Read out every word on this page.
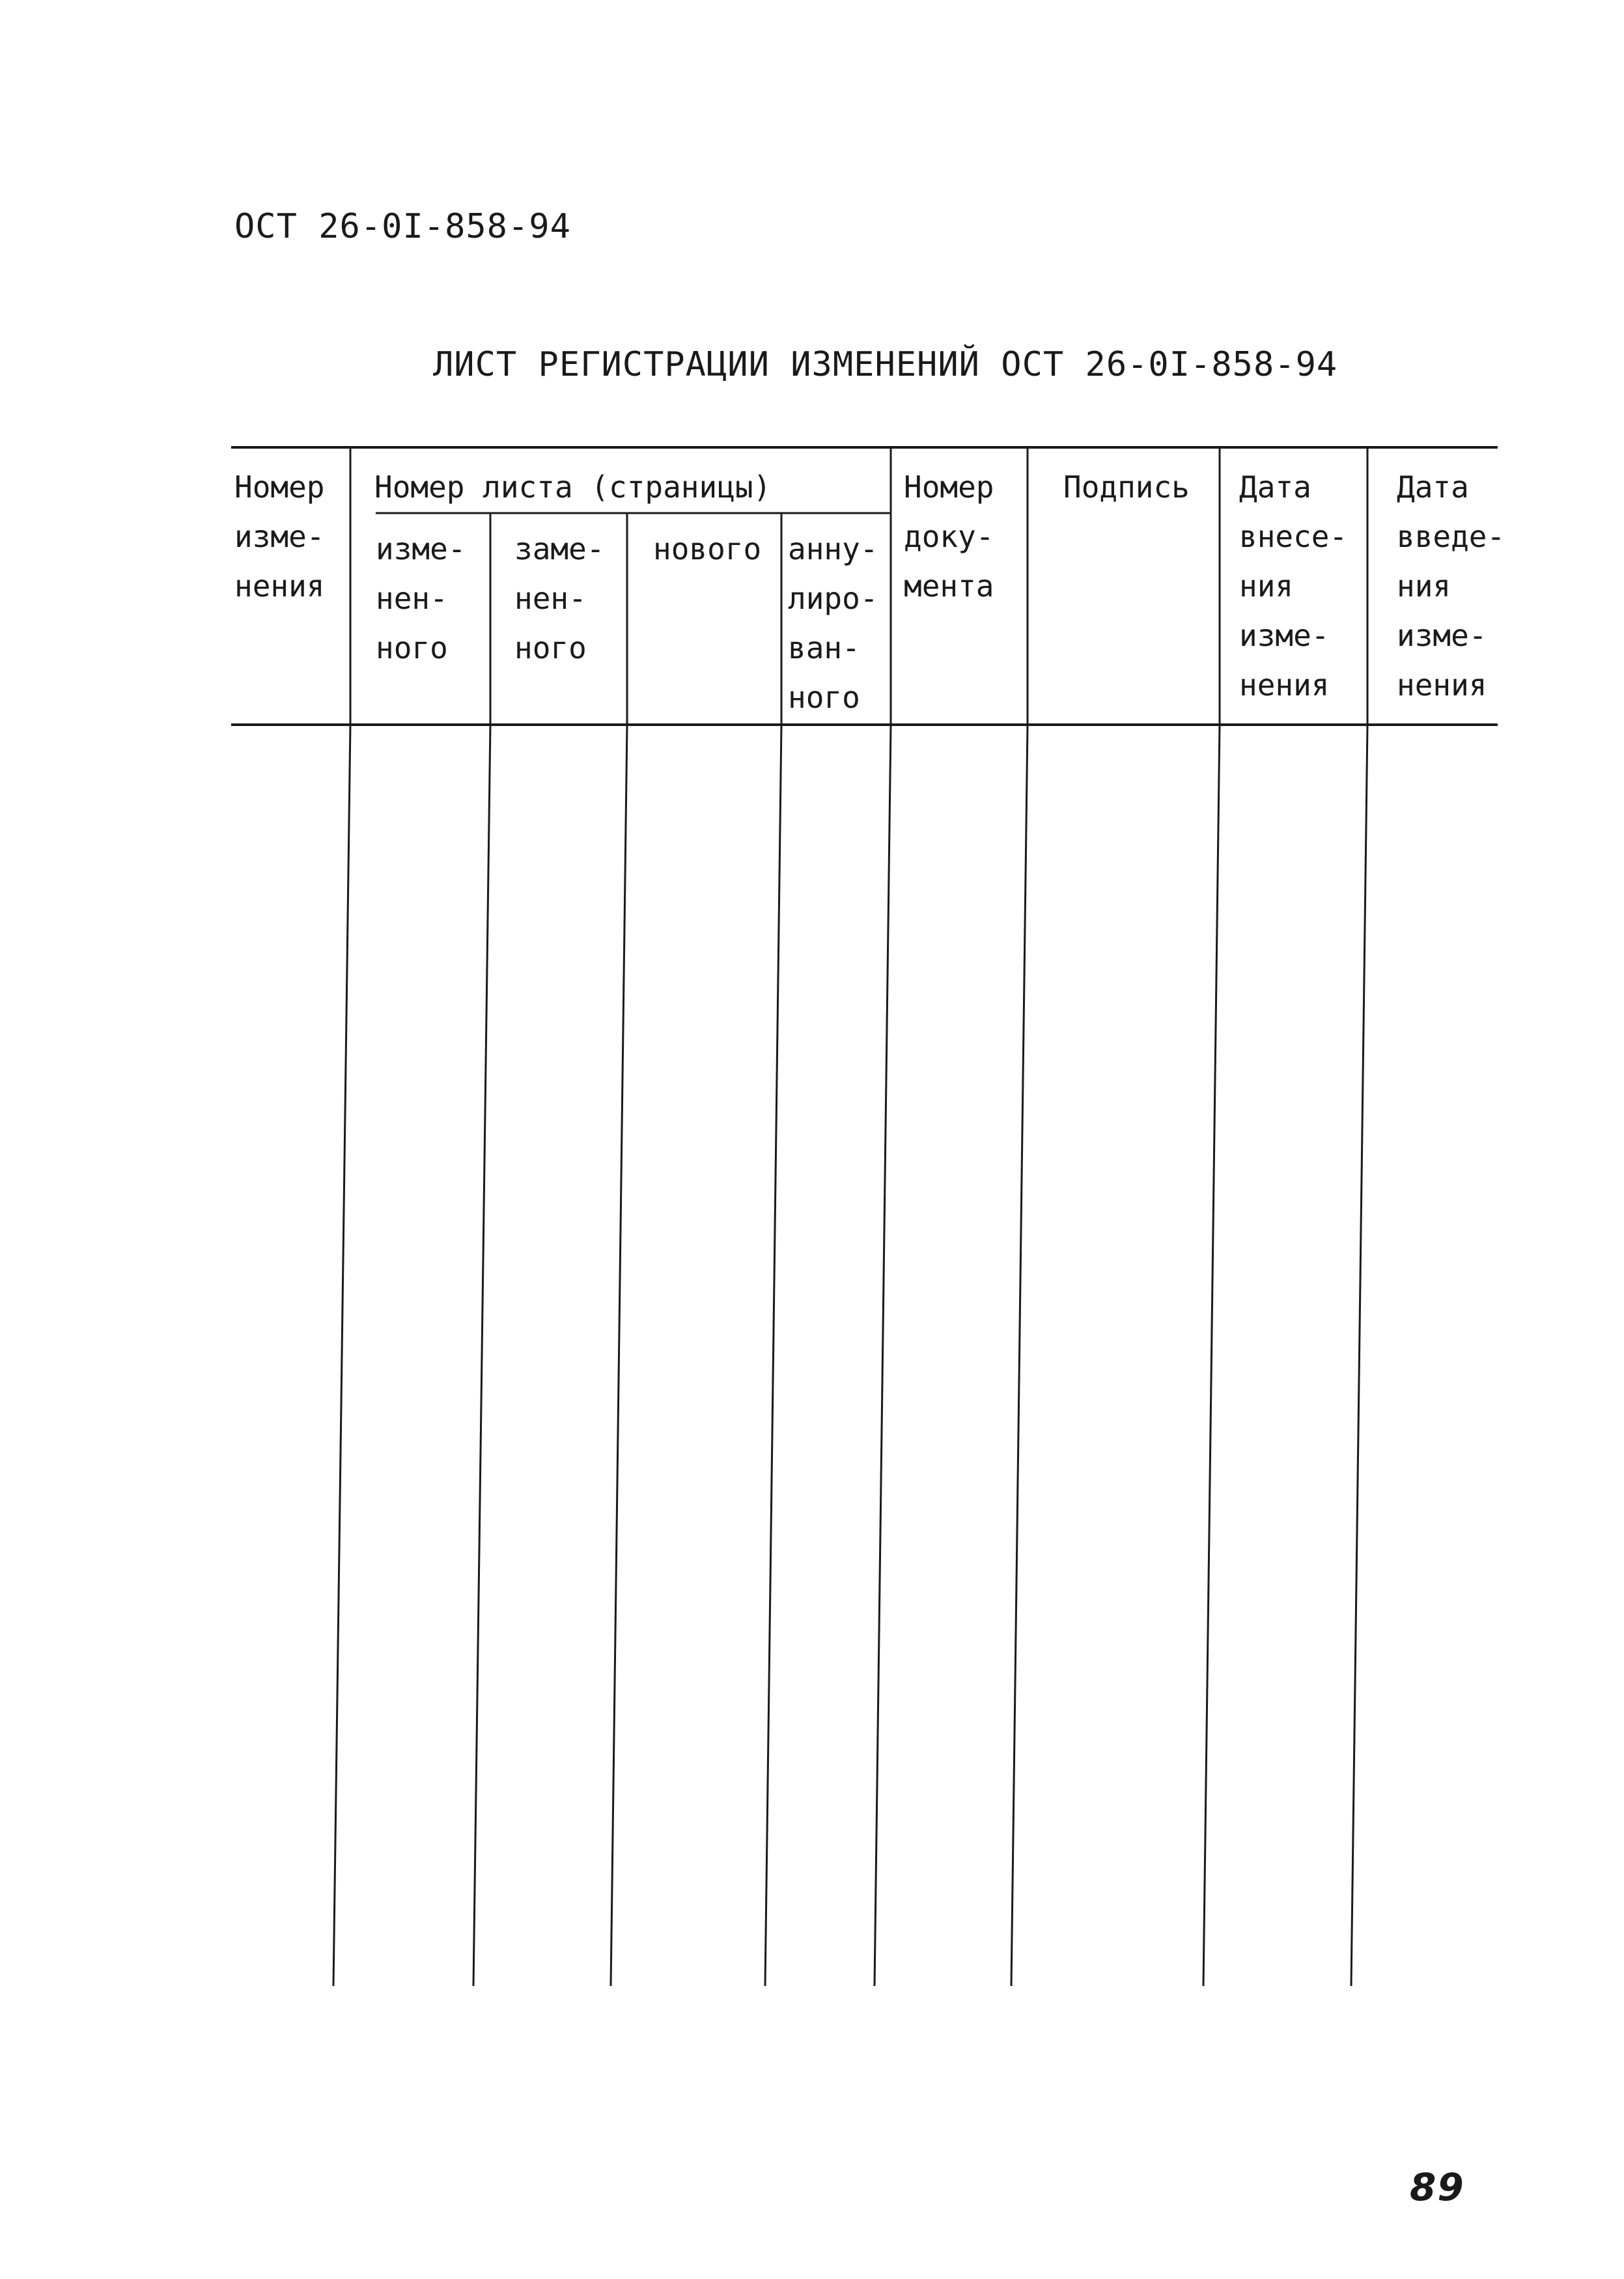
ОСТ 26-0I-858-94
ЛИСТ РЕГИСТРАЦИИ ИЗМЕНЕНИЙ ОСТ 26-0I-858-94
Номер
изме-
нения
Номер листа (страницы)
изме-
нен-
ного
заме-
нен-
ного
нового анну-
лиро-
ван-
ного
Номер
доку-
мента
Подпись Дата
внесе-
ния
изме-
нения
Дата
введе-
ния
изме-
нения
89
